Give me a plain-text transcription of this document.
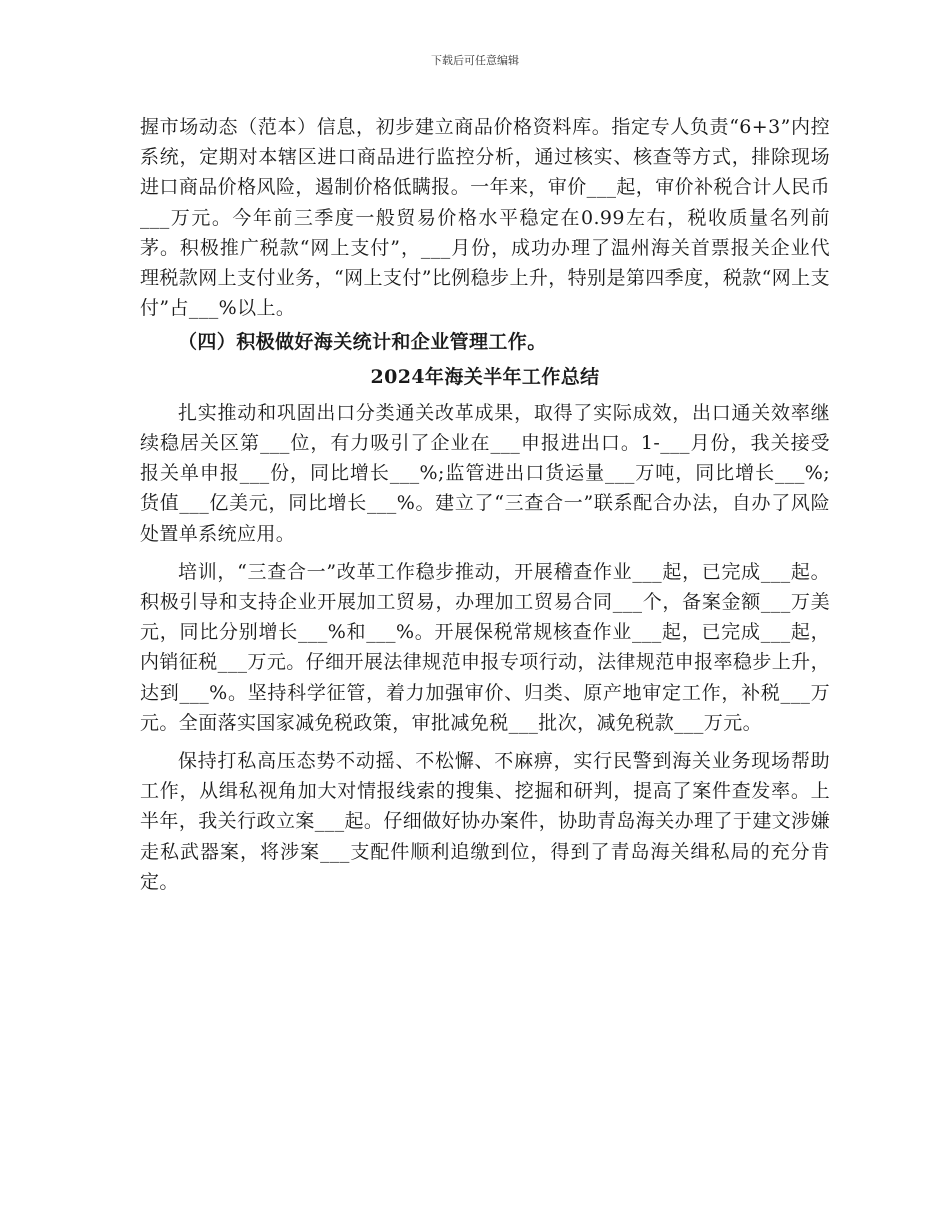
下载后可任意编辑

握市场动态（范本）信息，初步建立商品价格资料库。指定专人负责“6+3”内控系统，定期对本辖区进口商品进行监控分析，通过核实、核查等方式，排除现场进口商品价格风险，遏制价格低瞒报。一年来，审价___起，审价补税合计人民币___万元。今年前三季度一般贸易价格水平稳定在0.99左右，税收质量名列前茅。积极推广税款“网上支付”，___月份，成功办理了温州海关首票报关企业代理税款网上支付业务，“网上支付”比例稳步上升，特别是第四季度，税款“网上支付”占___%以上。

（四）积极做好海关统计和企业管理工作。

2024年海关半年工作总结

扎实推动和巩固出口分类通关改革成果，取得了实际成效，出口通关效率继续稳居关区第___位，有力吸引了企业在___申报进出口。1-___月份，我关接受报关单申报___份，同比增长___%;监管进出口货运量___万吨，同比增长___%;货值___亿美元，同比增长___%。建立了“三查合一”联系配合办法，自办了风险处置单系统应用。

培训，“三查合一”改革工作稳步推动，开展稽查作业___起，已完成___起。积极引导和支持企业开展加工贸易，办理加工贸易合同___个，备案金额___万美元，同比分别增长___%和___%。开展保税常规核查作业___起，已完成___起，内销征税___万元。仔细开展法律规范申报专项行动，法律规范申报率稳步上升，达到___%。坚持科学征管，着力加强审价、归类、原产地审定工作，补税___万元。全面落实国家减免税政策，审批减免税___批次，减免税款___万元。

保持打私高压态势不动摇、不松懈、不麻痹，实行民警到海关业务现场帮助工作，从缉私视角加大对情报线索的搜集、挖掘和研判，提高了案件查发率。上半年，我关行政立案___起。仔细做好协办案件，协助青岛海关办理了于建文涉嫌走私武器案，将涉案___支配件顺利追缴到位，得到了青岛海关缉私局的充分肯定。
